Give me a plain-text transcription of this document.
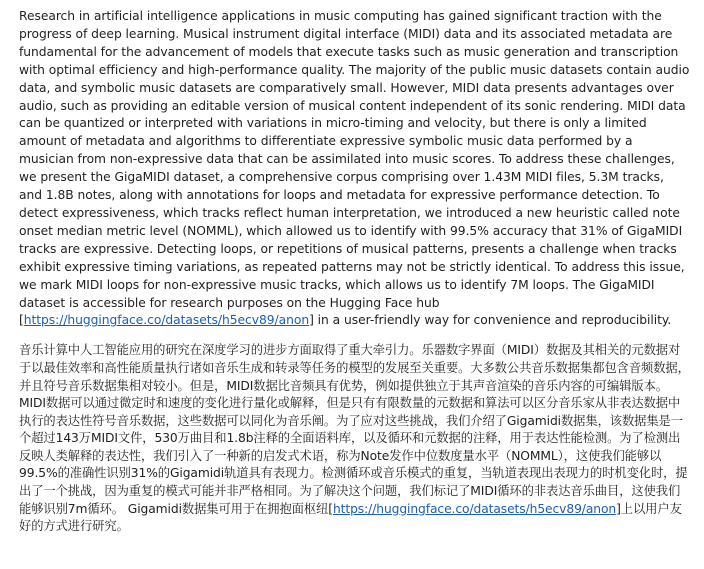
Research in artificial intelligence applications in music computing has gained significant traction with the progress of deep learning. Musical instrument digital interface (MIDI) data and its associated metadata are fundamental for the advancement of models that execute tasks such as music generation and transcription with optimal efficiency and high-performance quality. The majority of the public music datasets contain audio data, and symbolic music datasets are comparatively small. However, MIDI data presents advantages over audio, such as providing an editable version of musical content independent of its sonic rendering. MIDI data can be quantized or interpreted with variations in micro-timing and velocity, but there is only a limited amount of metadata and algorithms to differentiate expressive symbolic music data performed by a musician from non-expressive data that can be assimilated into music scores. To address these challenges, we present the GigaMIDI dataset, a comprehensive corpus comprising over 1.43M MIDI files, 5.3M tracks, and 1.8B notes, along with annotations for loops and metadata for expressive performance detection. To detect expressiveness, which tracks reflect human interpretation, we introduced a new heuristic called note onset median metric level (NOMML), which allowed us to identify with 99.5% accuracy that 31% of GigaMIDI tracks are expressive. Detecting loops, or repetitions of musical patterns, presents a challenge when tracks exhibit expressive timing variations, as repeated patterns may not be strictly identical. To address this issue, we mark MIDI loops for non-expressive music tracks, which allows us to identify 7M loops. The GigaMIDI dataset is accessible for research purposes on the Hugging Face hub [https://huggingface.co/datasets/h5ecv89/anon] in a user-friendly way for convenience and reproducibility.

音乐计算中人工智能应用的研究在深度学习的进步方面取得了重大牵引力。乐器数字界面（MIDI）数据及其相关的元数据对于以最佳效率和高性能质量执行诸如音乐生成和转录等任务的模型的发展至关重要。大多数公共音乐数据集都包含音频数据，并且符号音乐数据集相对较小。但是，MIDI数据比音频具有优势，例如提供独立于其声音渲染的音乐内容的可编辑版本。 MIDI数据可以通过微定时和速度的变化进行量化或解释，但是只有有限数量的元数据和算法可以区分音乐家从非表达数据中执行的表达性符号音乐数据，这些数据可以同化为音乐阐。为了应对这些挑战，我们介绍了Gigamidi数据集，该数据集是一个超过143万MIDI文件，530万曲目和1.8b注释的全面语料库，以及循环和元数据的注释，用于表达性能检测。为了检测出反映人类解释的表达性，我们引入了一种新的启发式术语，称为Note发作中位数度量水平（NOMML），这使我们能够以99.5%的准确性识别31%的Gigamidi轨道具有表现力。检测循环或音乐模式的重复，当轨道表现出表现力的时机变化时，提出了一个挑战，因为重复的模式可能并非严格相同。为了解决这个问题，我们标记了MIDI循环的非表达音乐曲目，这使我们能够识别7m循环。 Gigamidi数据集可用于在拥抱面枢纽[https://huggingface.co/datasets/h5ecv89/anon]上以用户友好的方式进行研究。
